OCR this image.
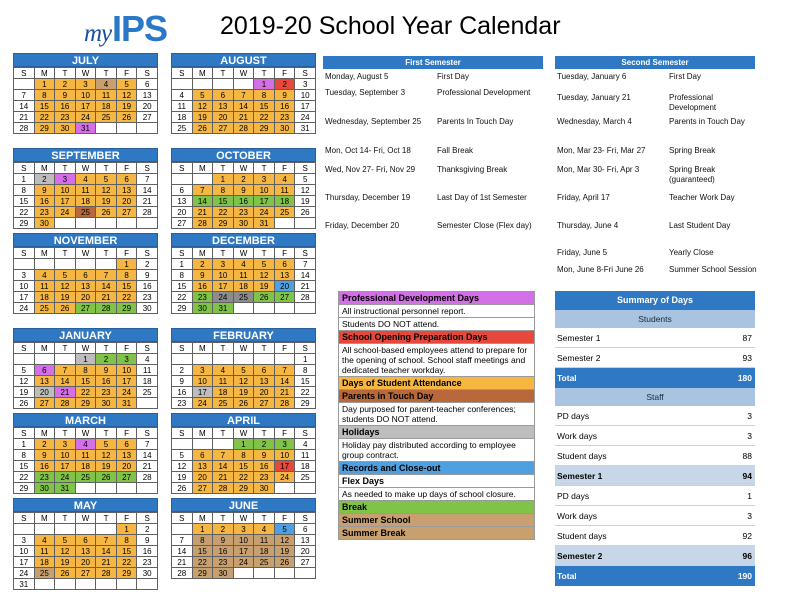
my IPS 2019-20 School Year Calendar
JULY
S	M	T	W	T	F	S
	1	2	3	4	5	6
7	8	9	10	11	12	13
14	15	16	17	18	19	20
21	22	23	24	25	26	27
28	29	30	31			
AUGUST
S	M	T	W	T	F	S
				1	2	3
4	5	6	7	8	9	10
11	12	13	14	15	16	17
18	19	20	21	22	23	24
25	26	27	28	29	30	31
SEPTEMBER
S	M	T	W	T	F	S
1	2	3	4	5	6	7
8	9	10	11	12	13	14
15	16	17	18	19	20	21
22	23	24	25	26	27	28
29	30					
OCTOBER
S	M	T	W	T	F	S
		1	2	3	4	5
6	7	8	9	10	11	12
13	14	15	16	17	18	19
20	21	22	23	24	25	26
27	28	29	30	31		
NOVEMBER
S	M	T	W	T	F	S
					1	2
3	4	5	6	7	8	9
10	11	12	13	14	15	16
17	18	19	20	21	22	23
24	25	26	27	28	29	30
DECEMBER
S	M	T	W	T	F	S
1	2	3	4	5	6	7
8	9	10	11	12	13	14
15	16	17	18	19	20	21
22	23	24	25	26	27	28
29	30	31				
JANUARY
S	M	T	W	T	F	S
			1	2	3	4
5	6	7	8	9	10	11
12	13	14	15	16	17	18
19	20	21	22	23	24	25
26	27	28	29	30	31	
FEBRUARY
S	M	T	W	T	F	S
						1
2	3	4	5	6	7	8
9	10	11	12	13	14	15
16	17	18	19	20	21	22
23	24	25	26	27	28	29
MARCH
S	M	T	W	T	F	S
1	2	3	4	5	6	7
8	9	10	11	12	13	14
15	16	17	18	19	20	21
22	23	24	25	26	27	28
29	30	31				
APRIL
S	M	T	W	T	F	S
			1	2	3	4
5	6	7	8	9	10	11
12	13	14	15	16	17	18
19	20	21	22	23	24	25
26	27	28	29	30		
MAY
S	M	T	W	T	F	S
					1	2
3	4	5	6	7	8	9
10	11	12	13	14	15	16
17	18	19	20	21	22	23
24	25	26	27	28	29	30
31						
JUNE
S	M	T	W	T	F	S
	1	2	3	4	5	6
7	8	9	10	11	12	13
14	15	16	17	18	19	20
21	22	23	24	25	26	27
28	29	30				
First Semester	Second Semester
Monday, August 5	First Day
Tuesday, September 3	Professional Development
Wednesday, September 25	Parents In Touch Day
Mon, Oct 14- Fri, Oct 18	Fall Break
Wed, Nov 27- Fri, Nov 29	Thanksgiving Break
Thursday, December 19	Last Day of 1st Semester
Friday, December 20	Semester Close (Flex day)
Tuesday, January 6	First Day
Tuesday, January 21	Professional Development
Wednesday, March 4	Parents in Touch Day
Mon, Mar 23- Fri, Mar 27	Spring Break
Mon, Mar 30- Fri, Apr 3	Spring Break (guaranteed)
Friday, April 17	Teacher Work Day
Thursday, June 4	Last Student Day
Friday, June 5	Yearly Close
Mon, June 8-Fri June 26	Summer School Session
Professional Development Days
All instructional personnel report.
Students DO NOT attend.
School Opening Preparation Days
All school-based employees attend to prepare for the opening of school. School staff meetings and dedicated teacher workday.
Days of Student Attendance
Parents in Touch Day
Day purposed for parent-teacher conferences; students DO NOT attend.
Holidays
Holiday pay distributed according to employee group contract.
Records and Close-out
Flex Days
As needed to make up days of school closure.
Break
Summer School
Summer Break
Summary of Days
Students
Semester 1	87
Semester 2	93
Total	180
Staff
PD days	3
Work days	3
Student days	88
Semester 1	94
PD days	1
Work days	3
Student days	92
Semester 2	96
Total	190
